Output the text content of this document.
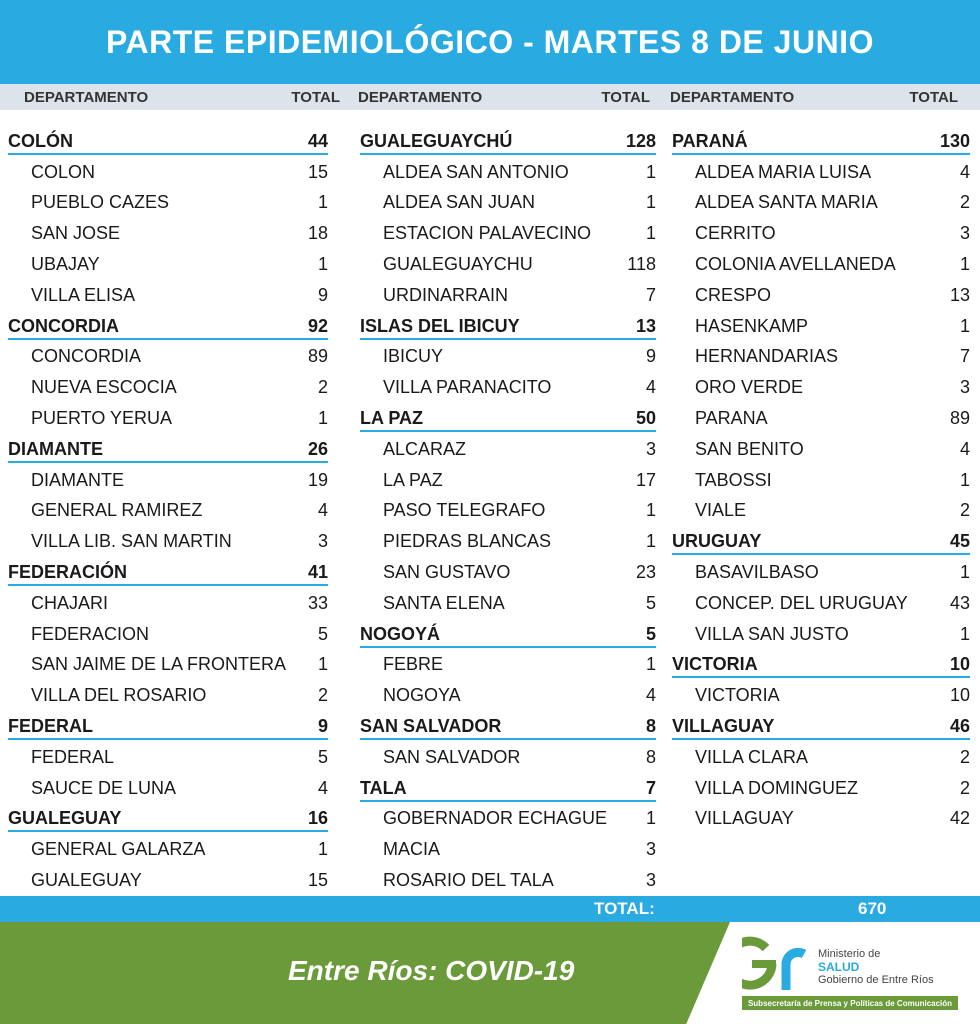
PARTE EPIDEMIOLÓGICO - MARTES 8 DE JUNIO
DEPARTAMENTO	TOTAL DEPARTAMENTO	TOTAL DEPARTAMENTO	TOTAL
COLÓN	44
COLON	15
PUEBLO CAZES	1
SAN JOSE	18
UBAJAY	1
VILLA ELISA	9
CONCORDIA	92
CONCORDIA	89
NUEVA ESCOCIA	2
PUERTO YERUA	1
DIAMANTE	26
DIAMANTE	19
GENERAL RAMIREZ	4
VILLA LIB. SAN MARTIN	3
FEDERACIÓN	41
CHAJARI	33
FEDERACION	5
SAN JAIME DE LA FRONTERA	1
VILLA DEL ROSARIO	2
FEDERAL	9
FEDERAL	5
SAUCE DE LUNA	4
GUALEGUAY	16
GENERAL GALARZA	1
GUALEGUAY	15
GUALEGUAYCHÚ	128
ALDEA SAN ANTONIO	1
ALDEA SAN JUAN	1
ESTACION PALAVECINO	1
GUALEGUAYCHU	118
URDINARRAIN	7
ISLAS DEL IBICUY	13
IBICUY	9
VILLA PARANACITO	4
LA PAZ	50
ALCARAZ	3
LA PAZ	17
PASO TELEGRAFO	1
PIEDRAS BLANCAS	1
SAN GUSTAVO	23
SANTA ELENA	5
NOGOYÁ	5
FEBRE	1
NOGOYA	4
SAN SALVADOR	8
SAN SALVADOR	8
TALA	7
GOBERNADOR ECHAGUE	1
MACIA	3
ROSARIO DEL TALA	3
PARANÁ	130
ALDEA MARIA LUISA	4
ALDEA SANTA MARIA	2
CERRITO	3
COLONIA AVELLANEDA	1
CRESPO	13
HASENKAMP	1
HERNANDARIAS	7
ORO VERDE	3
PARANA	89
SAN BENITO	4
TABOSSI	1
VIALE	2
URUGUAY	45
BASAVILBASO	1
CONCEP. DEL URUGUAY	43
VILLA SAN JUSTO	1
VICTORIA	10
VICTORIA	10
VILLAGUAY	46
VILLA CLARA	2
VILLA DOMINGUEZ	2
VILLAGUAY	42
TOTAL:	670
Entre Ríos: COVID-19
Ministerio de
SALUD
Gobierno de Entre Ríos
Subsecretaría de Prensa y Políticas de Comunicación
